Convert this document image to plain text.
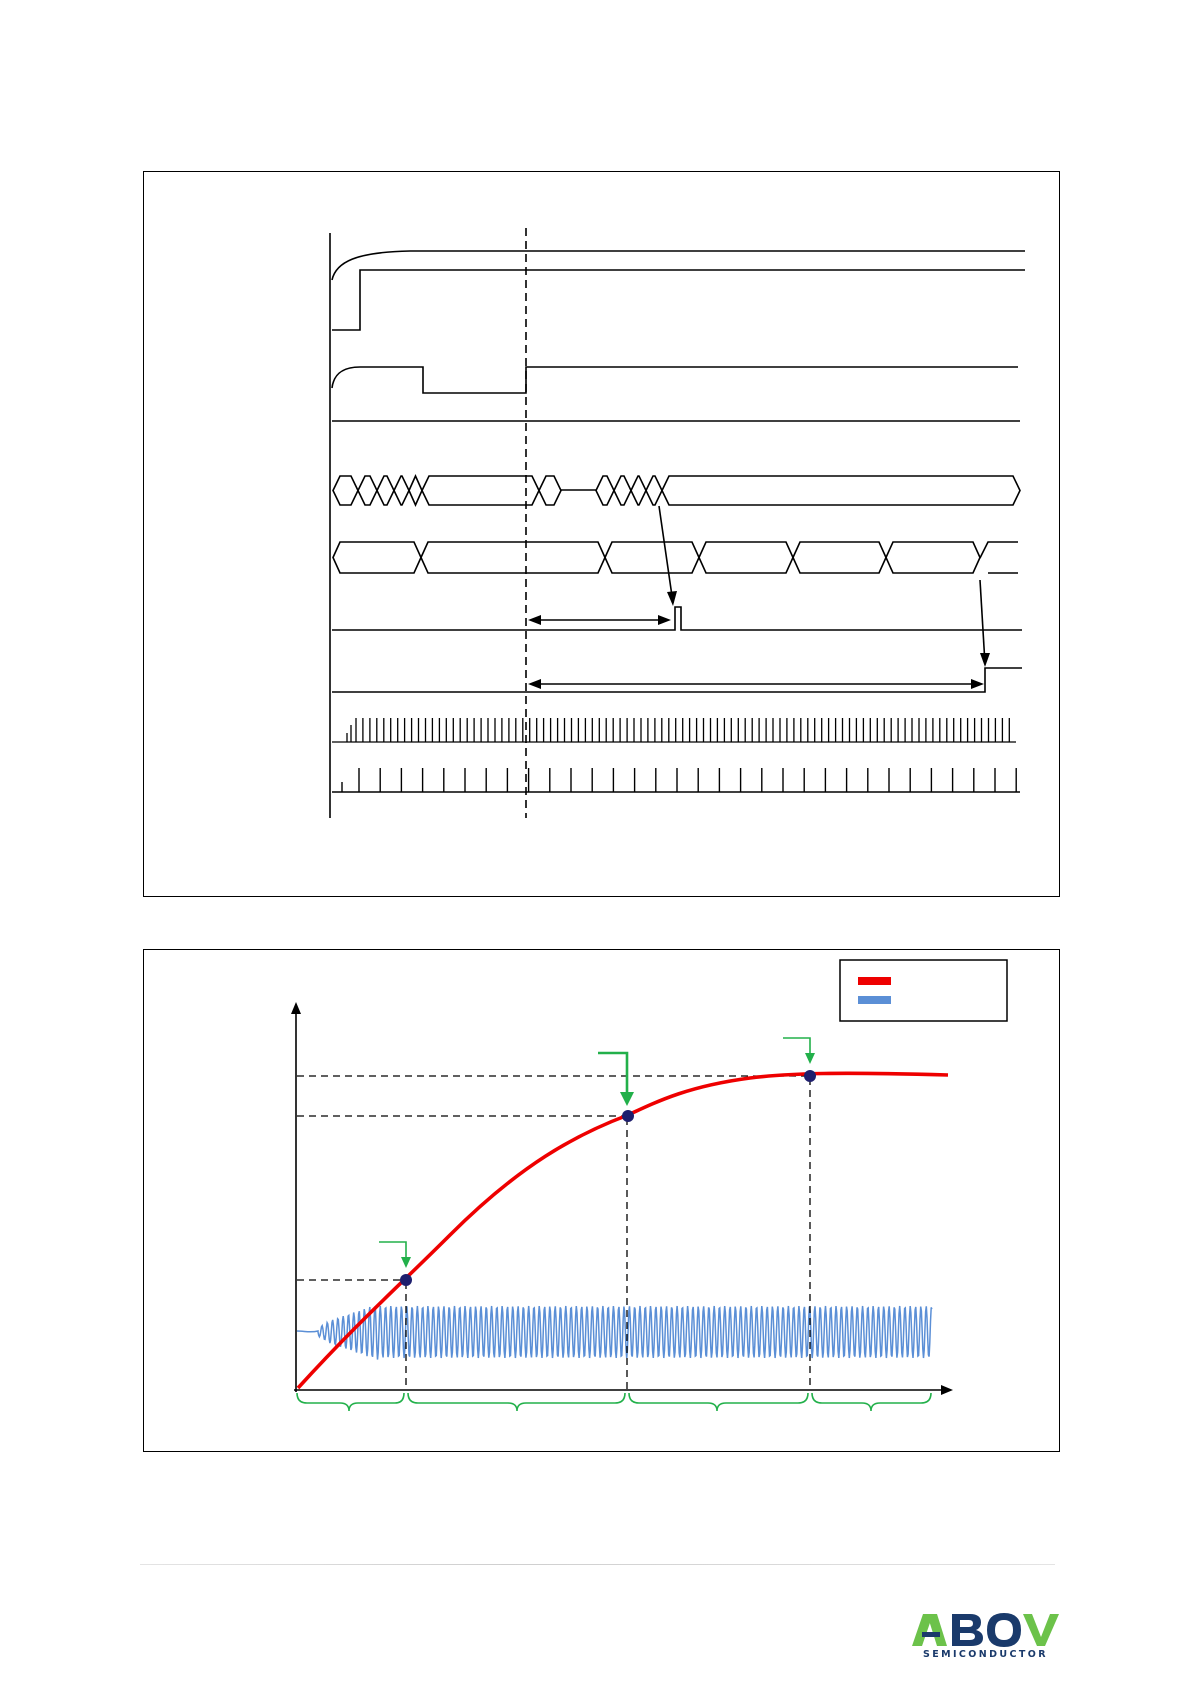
SEMICONDUCTOR
